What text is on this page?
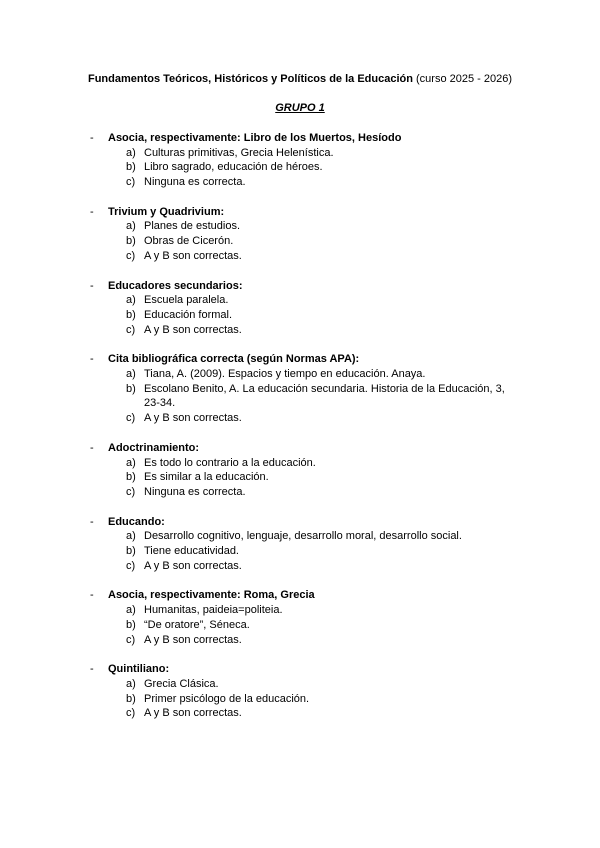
Fundamentos Teóricos, Históricos y Políticos de la Educación (curso 2025 - 2026)
GRUPO 1
- Asocia, respectivamente: Libro de los Muertos, Hesíodo
a) Culturas primitivas, Grecia Helenística.
b) Libro sagrado, educación de héroes.
c) Ninguna es correcta.
- Trivium y Quadrivium:
a) Planes de estudios.
b) Obras de Cicerón.
c) A y B son correctas.
- Educadores secundarios:
a) Escuela paralela.
b) Educación formal.
c) A y B son correctas.
- Cita bibliográfica correcta (según Normas APA):
a) Tiana, A. (2009). Espacios y tiempo en educación. Anaya.
b) Escolano Benito, A. La educación secundaria. Historia de la Educación, 3, 23-34.
c) A y B son correctas.
- Adoctrinamiento:
a) Es todo lo contrario a la educación.
b) Es similar a la educación.
c) Ninguna es correcta.
- Educando:
a) Desarrollo cognitivo, lenguaje, desarrollo moral, desarrollo social.
b) Tiene educatividad.
c) A y B son correctas.
- Asocia, respectivamente: Roma, Grecia
a) Humanitas, paideia=politeia.
b) “De oratore”, Séneca.
c) A y B son correctas.
- Quintiliano:
a) Grecia Clásica.
b) Primer psicólogo de la educación.
c) A y B son correctas.
